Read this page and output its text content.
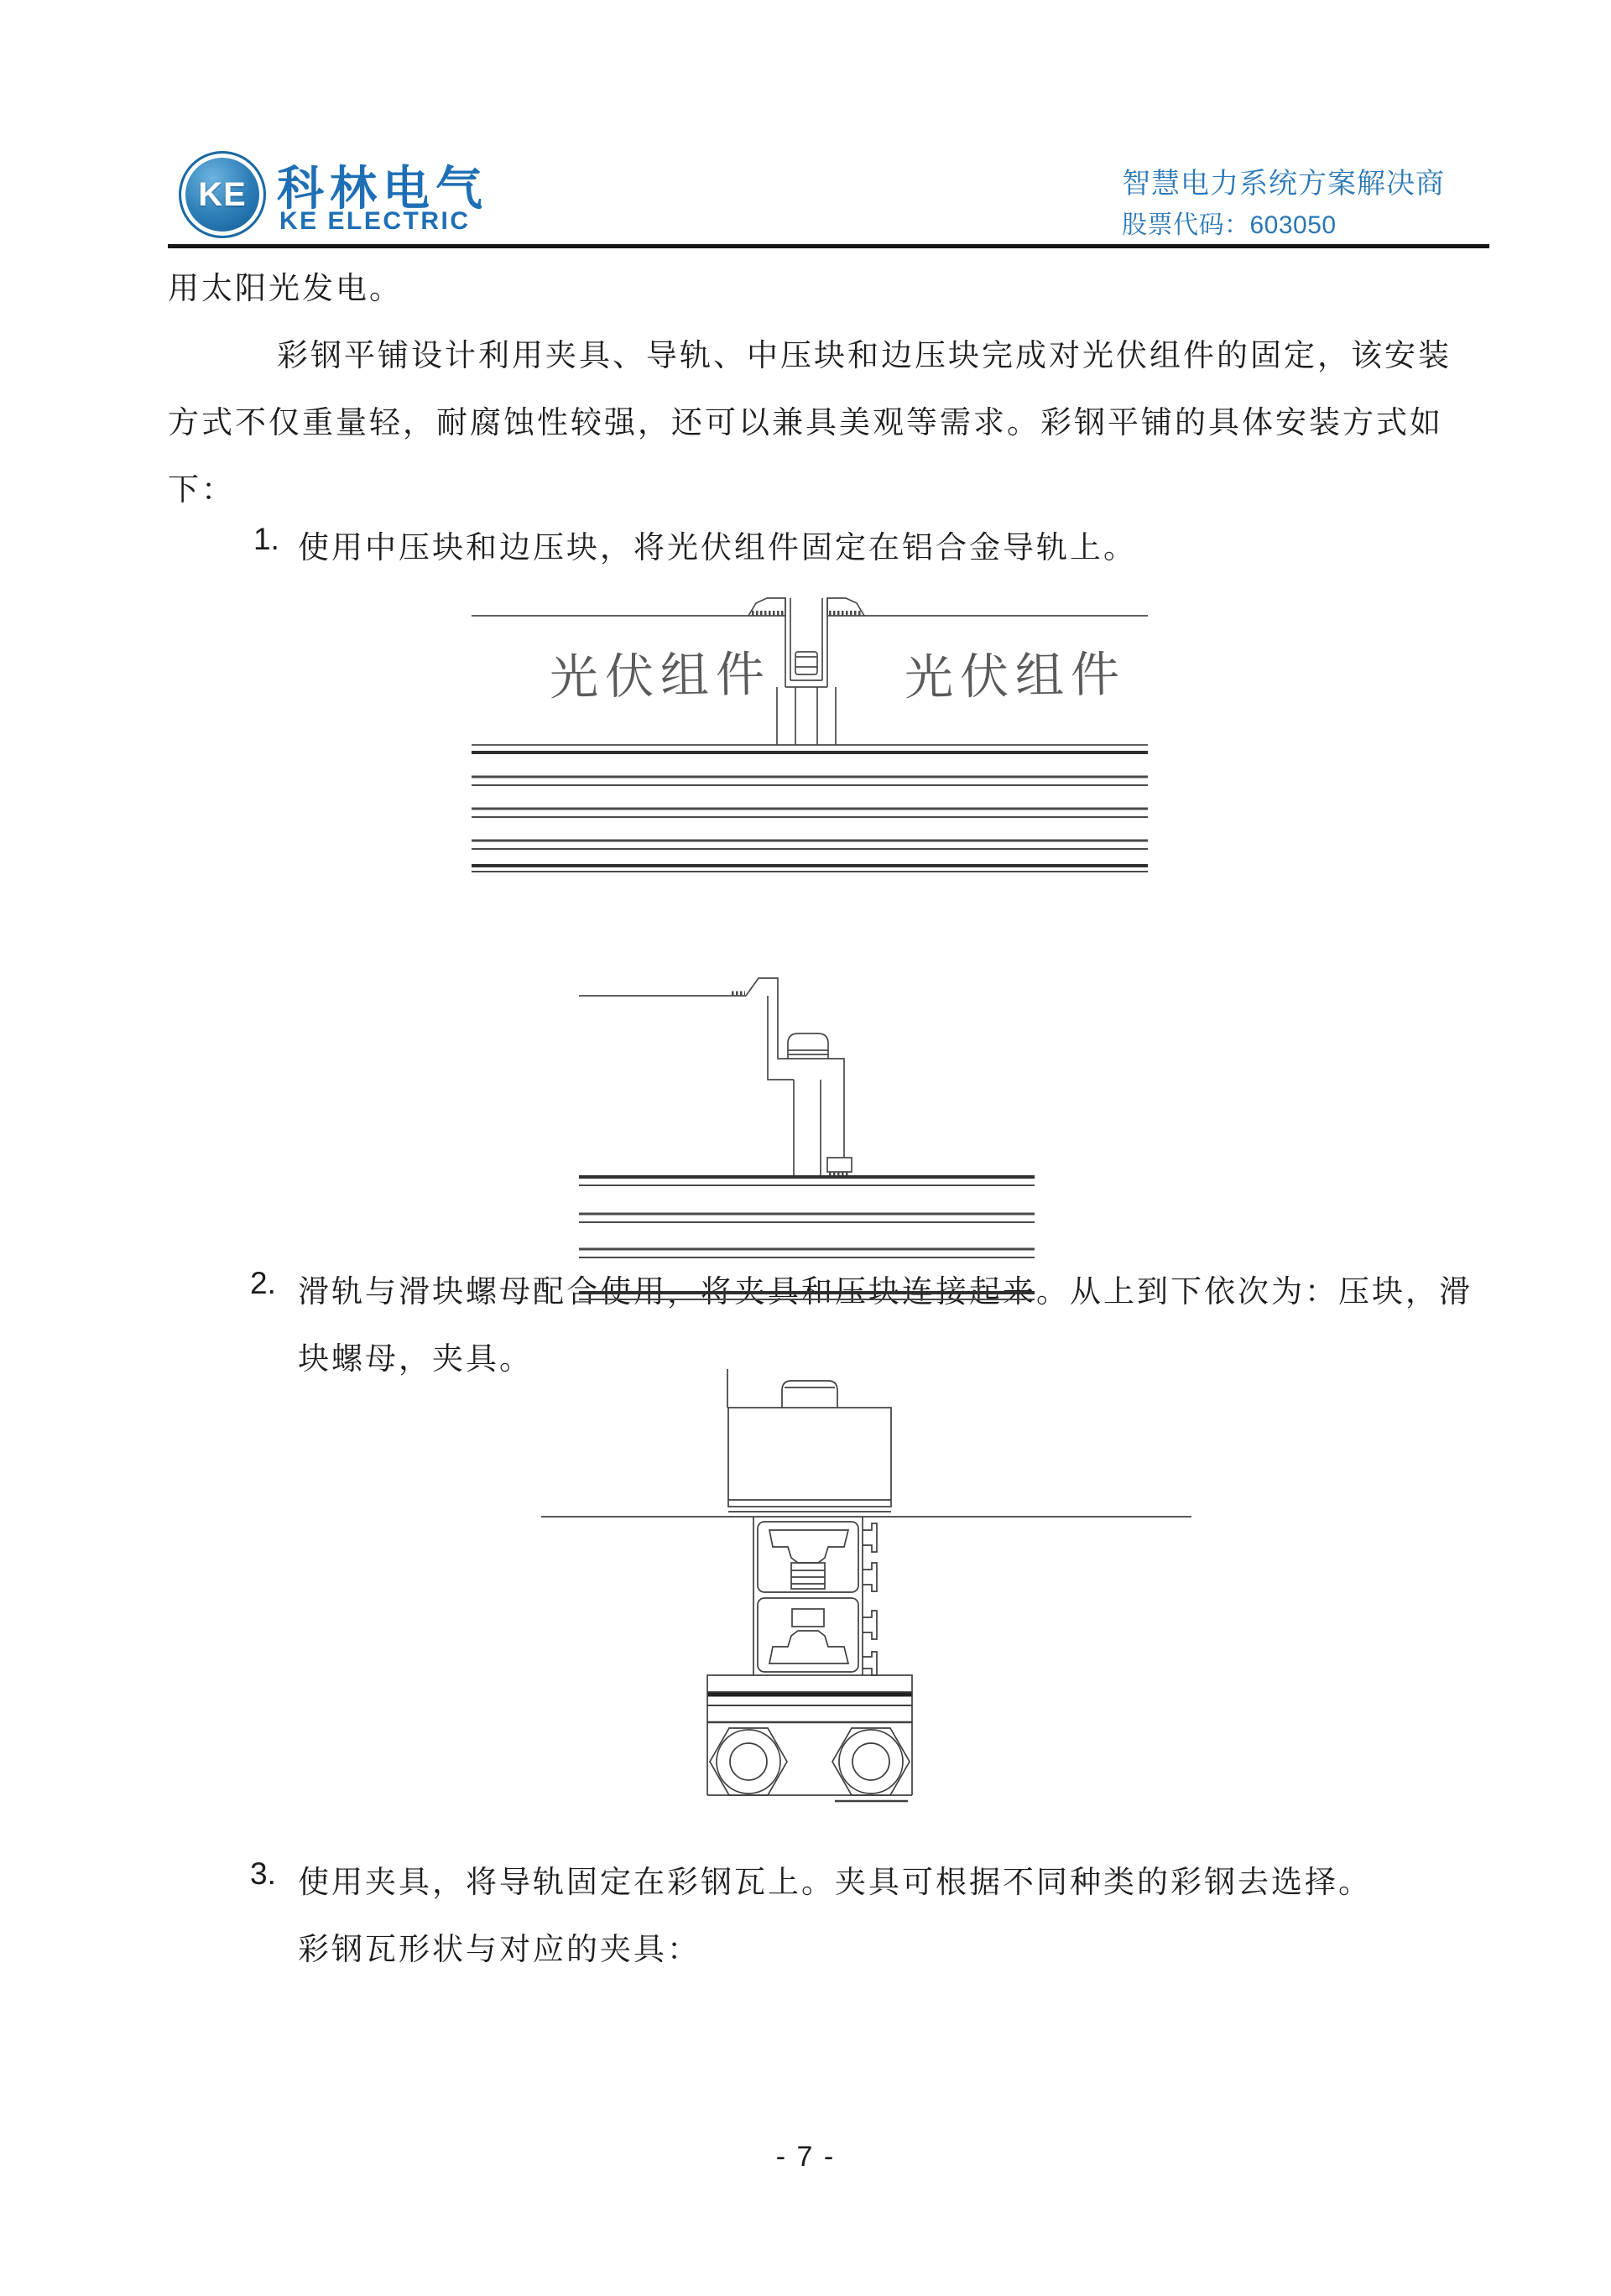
KE 科林电气
KE ELECTRIC
智慧电力系统方案解决商
股票代码：603050
用太阳光发电。
彩钢平铺设计利用夹具、导轨、中压块和边压块完成对光伏组件的固定，该安装
方式不仅重量轻，耐腐蚀性较强，还可以兼具美观等需求。彩钢平铺的具体安装方式如
下：
1. 使用中压块和边压块，将光伏组件固定在铝合金导轨上。
2. 滑轨与滑块螺母配合使用，将夹具和压块连接起来。从上到下依次为：压块，滑
块螺母，夹具。
3. 使用夹具，将导轨固定在彩钢瓦上。夹具可根据不同种类的彩钢去选择。
彩钢瓦形状与对应的夹具：
光伏组件	光伏组件
- 7 -
